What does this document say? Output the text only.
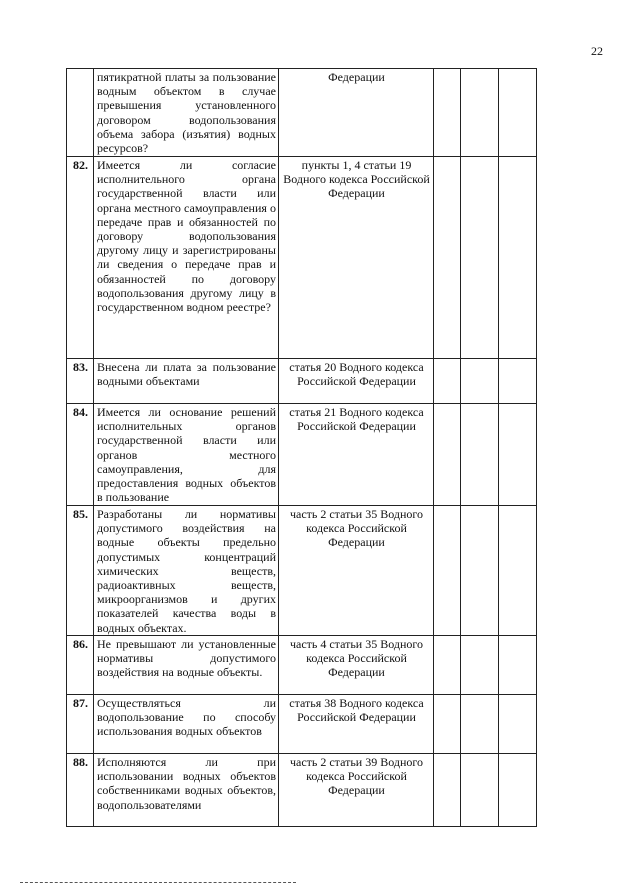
22
	пятикратной платы за пользование водным объектом в случае превышения установленного договором водопользования объема забора (изъятия) водных ресурсов?	Федерации			
82.	Имеется ли согласие исполнительного органа государственной власти или органа местного самоуправления о передаче прав и обязанностей по договору водопользования другому лицу и зарегистрированы ли сведения о передаче прав и обязанностей по договору водопользования другому лицу в государственном водном реестре?	пункты 1, 4 статьи 19 Водного кодекса Российской Федерации			
83.	Внесена ли плата за пользование водными объектами	статья 20 Водного кодекса Российской Федерации			
84.	Имеется ли основание решений исполнительных органов государственной власти или органов местного самоуправления, для предоставления водных объектов в пользование	статья 21 Водного кодекса Российской Федерации			
85.	Разработаны ли нормативы допустимого воздействия на водные объекты предельно допустимых концентраций химических веществ, радиоактивных веществ, микроорганизмов и других показателей качества воды в водных объектах.	часть 2 статьи 35 Водного кодекса Российской Федерации			
86.	Не превышают ли установленные нормативы допустимого воздействия на водные объекты.	часть 4 статьи 35 Водного кодекса Российской Федерации			
87.	Осуществляться ли водопользование по способу использования водных объектов	статья 38 Водного кодекса Российской Федерации			
88.	Исполняются ли при использовании водных объектов собственниками водных объектов, водопользователями	часть 2 статьи 39 Водного кодекса Российской Федерации			
